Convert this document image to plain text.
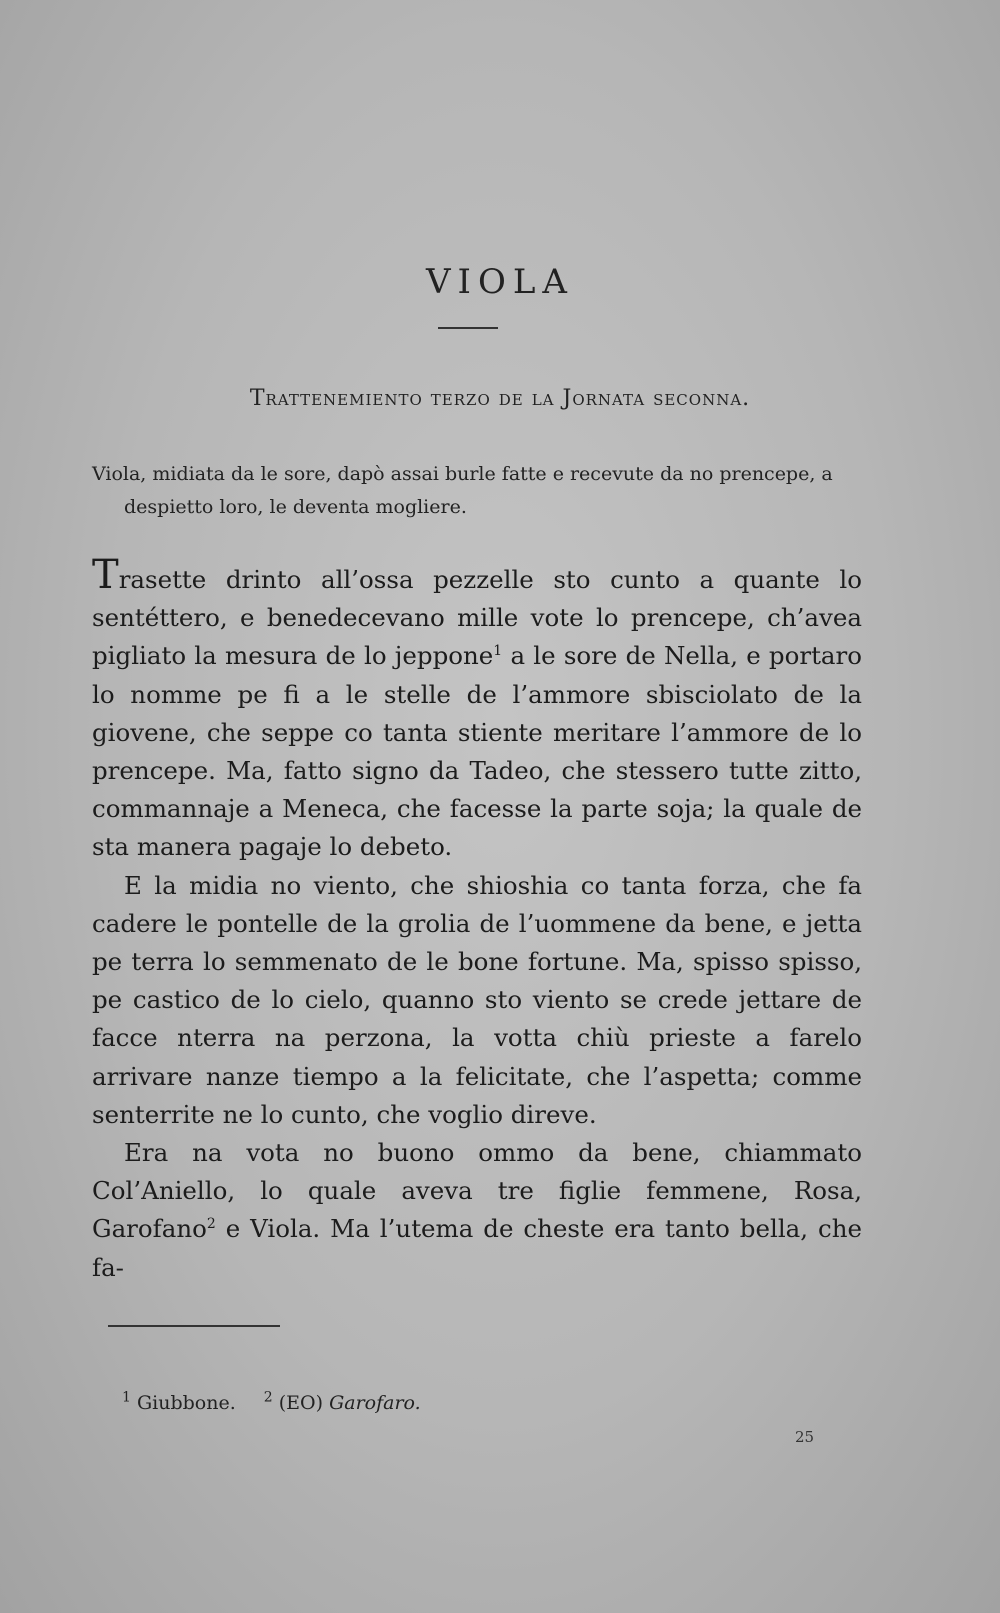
VIOLA
Trattenemiento terzo de la Jornata seconna.
Viola, midiata da le sore, dapò assai burle fatte e recevute da no prencepe, a despietto loro, le deventa mogliere.

Trasette drinto all’ossa pezzelle sto cunto a quante lo sentéttero, e benedecevano mille vote lo prencepe, ch’avea pigliato la mesura de lo jeppone$^1$ a le sore de Nella, e portaro lo nomme pe fi a le stelle de l’ammore sbisciolato de la giovene, che seppe co tanta stiente meritare l’ammore de lo prencepe. Ma, fatto signo da Tadeo, che stessero tutte zitto, commannaje a Meneca, che facesse la parte soja; la quale de sta manera pagaje lo debeto.

E la midia no viento, che shioshia co tanta forza, che fa cadere le pontelle de la grolia de l’uommene da bene, e jetta pe terra lo semmenato de le bone fortune. Ma, spisso spisso, pe castico de lo cielo, quanno sto viento se crede jettare de facce nterra na perzona, la votta chiù prieste a farelo arrivare nanze tiempo a la felicitate, che l’aspetta; comme senterrite ne lo cunto, che voglio direve.

Era na vota no buono ommo da bene, chiammato Col’Aniello, lo quale aveva tre figlie femmene, Rosa, Garofano$^2$ e Viola. Ma l’utema de cheste era tanto bella, che fa-

$^1$ Giubbone. $^2$ (EO) Garofaro.
25
